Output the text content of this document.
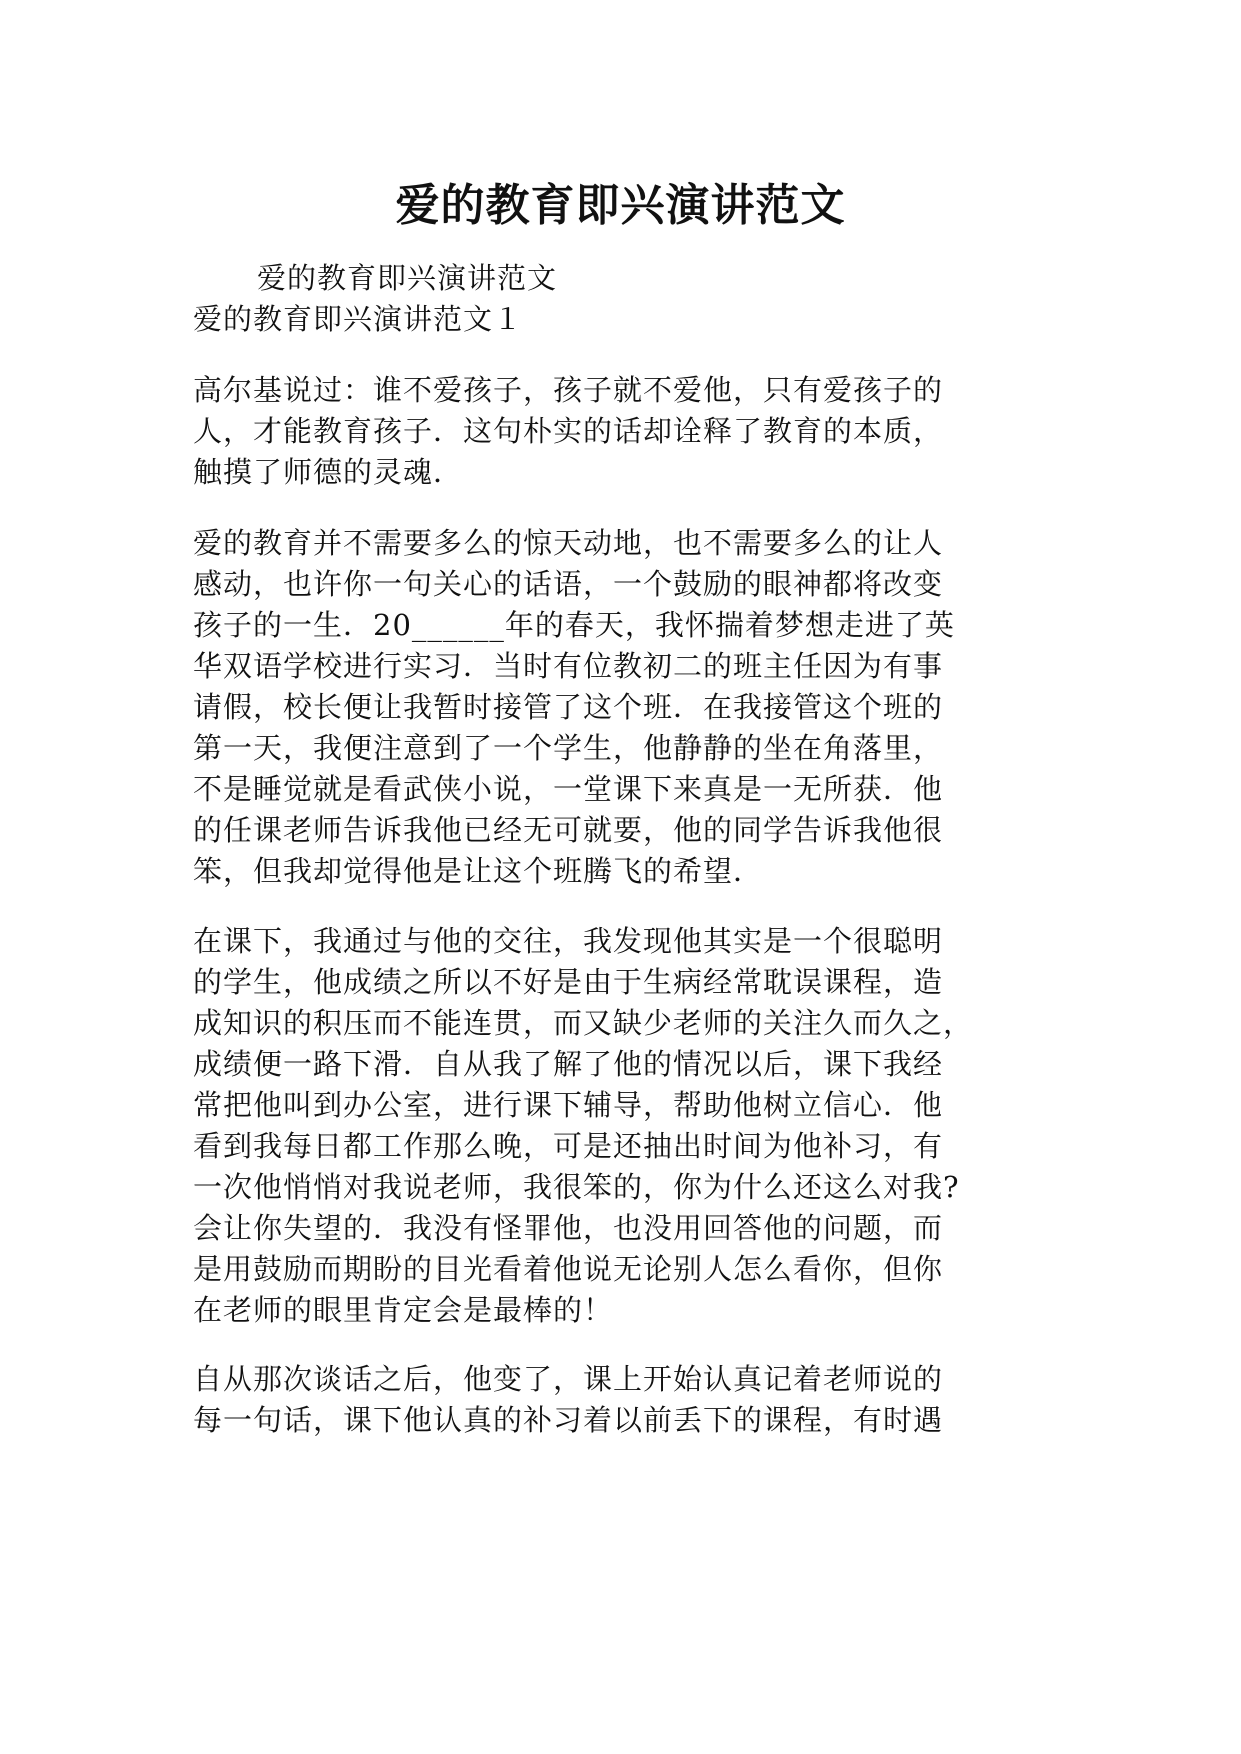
爱的教育即兴演讲范文
爱的教育即兴演讲范文
爱的教育即兴演讲范文１
高尔基说过：谁不爱孩子，孩子就不爱他，只有爱孩子的
人，才能教育孩子．这句朴实的话却诠释了教育的本质，
触摸了师德的灵魂．
爱的教育并不需要多么的惊天动地，也不需要多么的让人
感动，也许你一句关心的话语，一个鼓励的眼神都将改变
孩子的一生．20______年的春天，我怀揣着梦想走进了英
华双语学校进行实习．当时有位教初二的班主任因为有事
请假，校长便让我暂时接管了这个班．在我接管这个班的
第一天，我便注意到了一个学生，他静静的坐在角落里，
不是睡觉就是看武侠小说，一堂课下来真是一无所获．他
的任课老师告诉我他已经无可就要，他的同学告诉我他很
笨，但我却觉得他是让这个班腾飞的希望．
在课下，我通过与他的交往，我发现他其实是一个很聪明
的学生，他成绩之所以不好是由于生病经常耽误课程，造
成知识的积压而不能连贯，而又缺少老师的关注久而久之，
成绩便一路下滑．自从我了解了他的情况以后，课下我经
常把他叫到办公室，进行课下辅导，帮助他树立信心．他
看到我每日都工作那么晚，可是还抽出时间为他补习，有
一次他悄悄对我说老师，我很笨的，你为什么还这么对我?
会让你失望的．我没有怪罪他，也没用回答他的问题，而
是用鼓励而期盼的目光看着他说无论别人怎么看你，但你
在老师的眼里肯定会是最棒的！
自从那次谈话之后，他变了，课上开始认真记着老师说的
每一句话，课下他认真的补习着以前丢下的课程，有时遇
